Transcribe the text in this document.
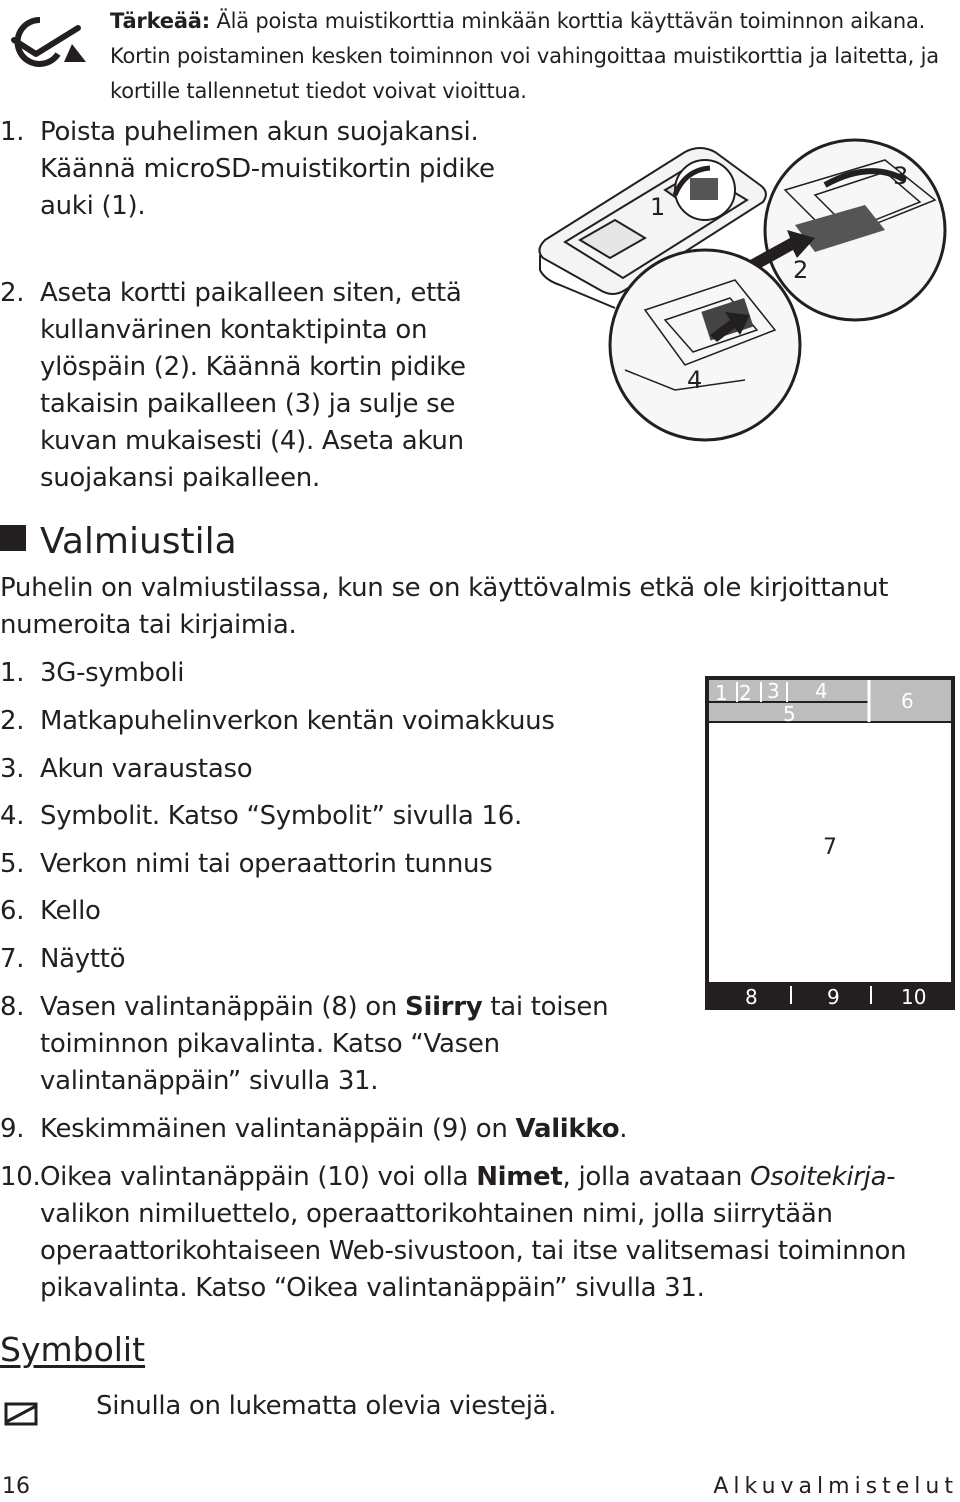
Tärkeää: Älä poista muistikorttia minkään korttia käyttävän toiminnon aikana. Kortin poistaminen kesken toiminnon voi vahingoittaa muistikorttia ja laitetta, ja kortille tallennetut tiedot voivat vioittua.
1. Poista puhelimen akun suojakansi. Käännä microSD-muistikortin pidike auki (1).
2. Aseta kortti paikalleen siten, että kullanvärinen kontaktipinta on ylöspäin (2). Käännä kortin pidike takaisin paikalleen (3) ja sulje se kuvan mukaisesti (4). Aseta akun suojakansi paikalleen.
1
3
2
4
Valmiustila
Puhelin on valmiustilassa, kun se on käyttövalmis etkä ole kirjoittanut numeroita tai kirjaimia.
1. 3G-symboli
2. Matkapuhelinverkon kentän voimakkuus
3. Akun varaustaso
4. Symbolit. Katso “Symbolit” sivulla 16.
5. Verkon nimi tai operaattorin tunnus
6. Kello
7. Näyttö
8. Vasen valintanäppäin (8) on Siirry tai toisen toiminnon pikavalinta. Katso “Vasen valintanäppäin” sivulla 31.
9. Keskimmäinen valintanäppäin (9) on Valikko.
10. Oikea valintanäppäin (10) voi olla Nimet, jolla avataan Osoitekirja-valikon nimiluettelo, operaattorikohtainen nimi, jolla siirrytään operaattorikohtaiseen Web-sivustoon, tai itse valitsemasi toiminnon pikavalinta. Katso “Oikea valintanäppäin” sivulla 31.
1 2 3 4
5
6
7
8	9	10
Symbolit
Sinulla on lukematta olevia viestejä.
16	Alkuvalmistelut
